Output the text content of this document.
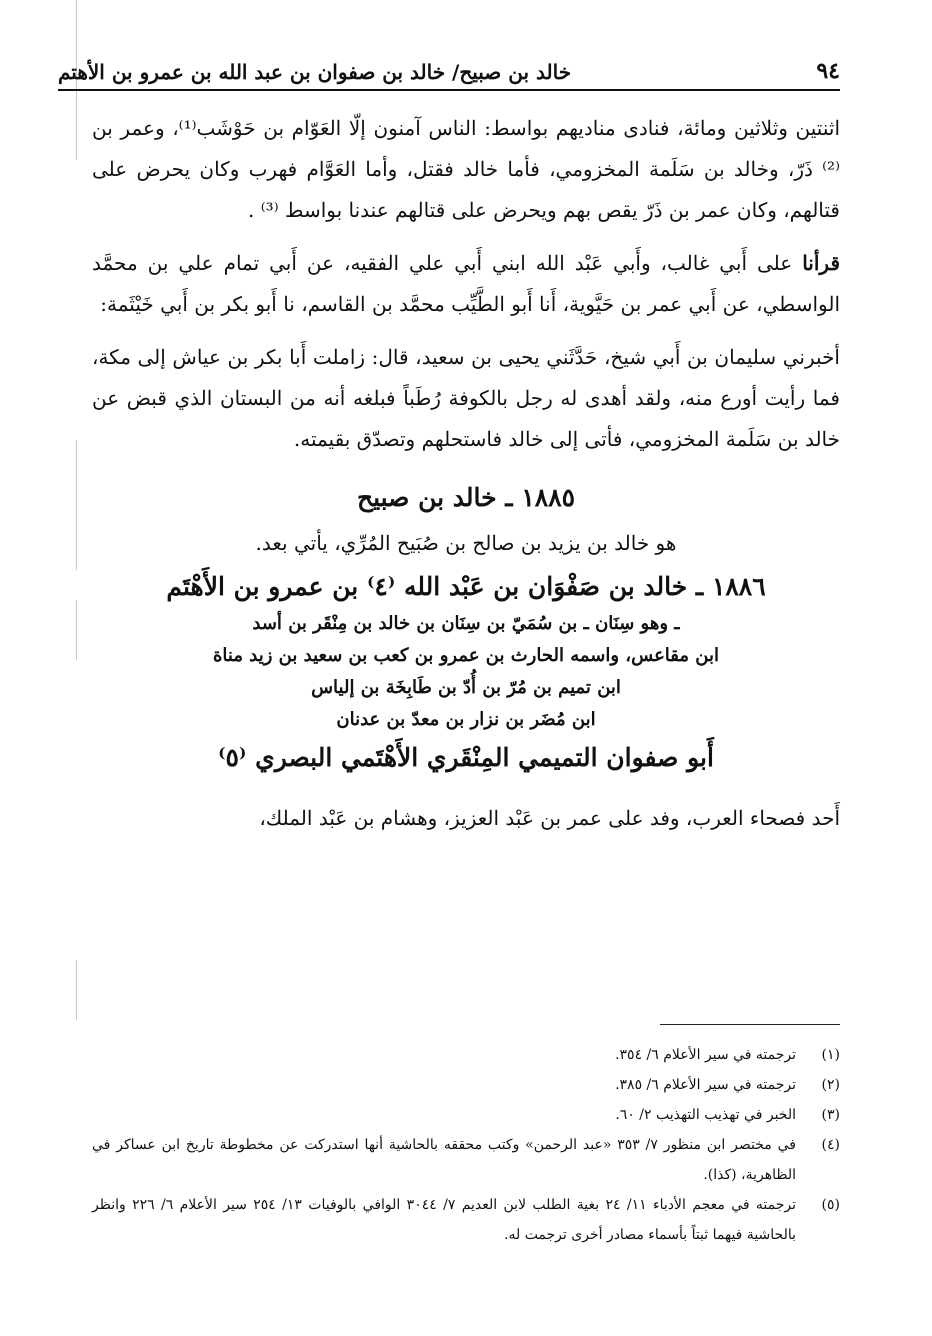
٩٤
خالد بن صبيح/ خالد بن صفوان بن عبد الله بن عمرو بن الأهتم

اثنتين وثلاثين ومائة، فنادى مناديهم بواسط: الناس آمنون إلّا العَوّام بن حَوْشَب⁽¹⁾، وعمر بن ⁽²⁾ ذَرّ، وخالد بن سَلَمة المخزومي، فأما خالد فقتل، وأما العَوَّام فهرب وكان يحرض على قتالهم، وكان عمر بن ذَرّ يقص بهم ويحرض على قتالهم عندنا بواسط ⁽³⁾ .

قرأنا على أَبي غالب، وأَبي عَبْد الله ابني أَبي علي الفقيه، عن أَبي تمام علي بن محمَّد الواسطي، عن أَبي عمر بن حَيَّوية، أَنا أَبو الطَّيِّب محمَّد بن القاسم، نا أَبو بكر بن أَبي خَيْثَمة:

أخبرني سليمان بن أَبي شيخ، حَدَّثَني يحيى بن سعيد، قال: زاملت أَبا بكر بن عياش إلى مكة، فما رأيت أورع منه، ولقد أهدى له رجل بالكوفة رُطَباً فبلغه أنه من البستان الذي قبض عن خالد بن سَلَمة المخزومي، فأتى إلى خالد فاستحلهم وتصدّق بقيمته.

١٨٨٥ ـ خالد بن صبيح

هو خالد بن يزيد بن صالح بن صُبَيح المُرِّي، يأتي بعد.

١٨٨٦ ـ خالد بن صَفْوَان بن عَبْد الله ⁽٤⁾ بن عمرو بن الأَهْتَم
ـ وهو سِنَان ـ بن سُمَيّ بن سِنَان بن خالد بن مِنْقَر بن أسد
ابن مقاعس، واسمه الحارث بن عمرو بن كعب بن سعيد بن زيد مناة
ابن تميم بن مُرّ بن أُدّ بن طَابِخَة بن إلياس
ابن مُضَر بن نزار بن معدّ بن عدنان
أَبو صفوان التميمي المِنْقَري الأَهْتَمي البصري ⁽٥⁾

أَحد فصحاء العرب، وفد على عمر بن عَبْد العزيز، وهشام بن عَبْد الملك،

(١)
ترجمته في سير الأعلام ٦/ ٣٥٤.
(٢)
ترجمته في سير الأعلام ٦/ ٣٨٥.
(٣)
الخبر في تهذيب التهذيب ٢/ ٦٠.
(٤)
في مختصر ابن منظور ٧/ ٣٥٣ «عبد الرحمن» وكتب محققه بالحاشية أنها استدركت عن مخطوطة تاريخ ابن عساكر في الظاهرية، (كذا).
(٥)
ترجمته في معجم الأدباء ١١/ ٢٤ بغية الطلب لابن العديم ٧/ ٣٠٤٤ الوافي بالوفيات ١٣/ ٢٥٤ سير الأعلام ٦/ ٢٢٦ وانظر بالحاشية فيهما ثبتاً بأسماء مصادر أخرى ترجمت له.
